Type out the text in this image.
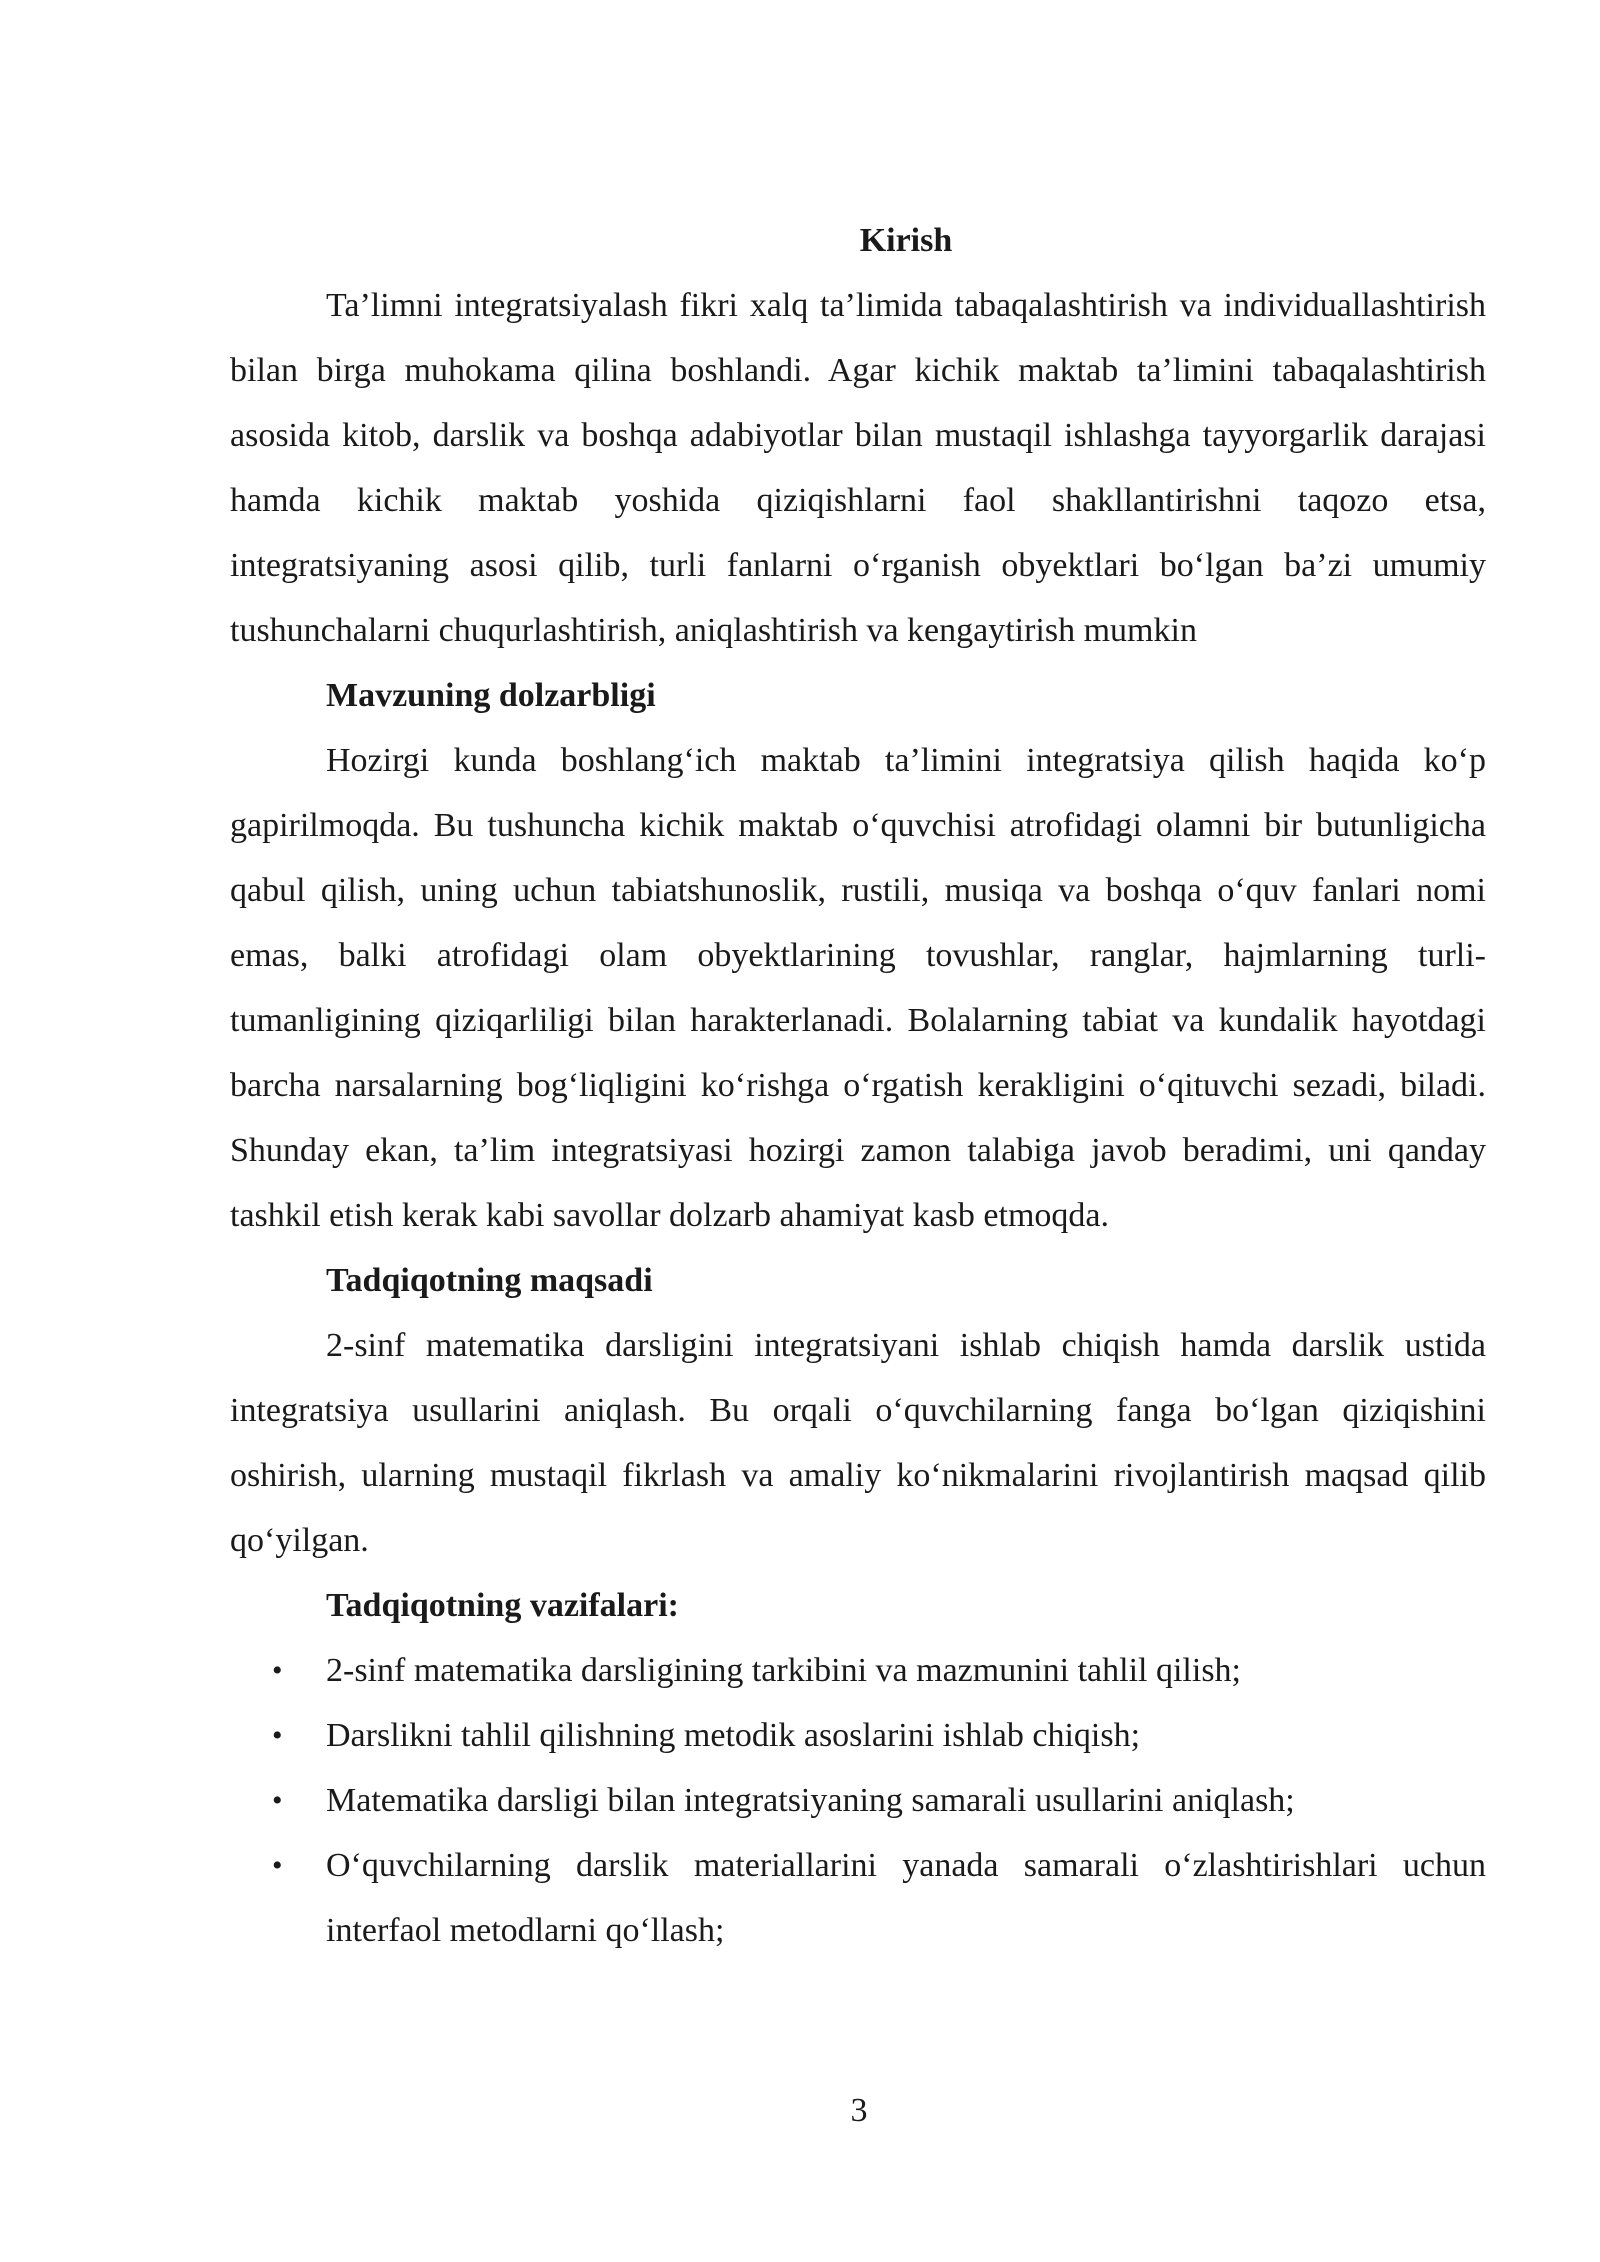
Kirish

Ta’limni integratsiyalash fikri xalq ta’limida tabaqalashtirish va individuallashtirish bilan birga muhokama qilina boshlandi. Agar kichik maktab ta’limini tabaqalashtirish asosida kitob, darslik va boshqa adabiyotlar bilan mustaqil ishlashga tayyorgarlik darajasi hamda kichik maktab yoshida qiziqishlarni faol shakllantirishni taqozo etsa, integratsiyaning asosi qilib, turli fanlarni o‘rganish obyektlari bo‘lgan ba’zi umumiy tushunchalarni chuqurlashtirish, aniqlashtirish va kengaytirish mumkin

Mavzuning dolzarbligi

Hozirgi kunda boshlang‘ich maktab ta’limini integratsiya qilish haqida ko‘p gapirilmoqda. Bu tushuncha kichik maktab o‘quvchisi atrofidagi olamni bir butunligicha qabul qilish, uning uchun tabiatshunoslik, rustili, musiqa va boshqa o‘quv fanlari nomi emas, balki atrofidagi olam obyektlarining tovushlar, ranglar, hajmlarning turli-tumanligining qiziqarliligi bilan harakterlanadi. Bolalarning tabiat va kundalik hayotdagi barcha narsalarning bog‘liqligini ko‘rishga o‘rgatish kerakligini o‘qituvchi sezadi, biladi. Shunday ekan, ta’lim integratsiyasi hozirgi zamon talabiga javob beradimi, uni qanday tashkil etish kerak kabi savollar dolzarb ahamiyat kasb etmoqda.

Tadqiqotning maqsadi

2-sinf matematika darsligini integratsiyani ishlab chiqish hamda darslik ustida integratsiya usullarini aniqlash. Bu orqali o‘quvchilarning fanga bo‘lgan qiziqishini oshirish, ularning mustaqil fikrlash va amaliy ko‘nikmalarini rivojlantirish maqsad qilib qo‘yilgan.

Tadqiqotning vazifalari:
• 2-sinf matematika darsligining tarkibini va mazmunini tahlil qilish;
• Darslikni tahlil qilishning metodik asoslarini ishlab chiqish;
• Matematika darsligi bilan integratsiyaning samarali usullarini aniqlash;
• O‘quvchilarning darslik materiallarini yanada samarali o‘zlashtirishlari uchun interfaol metodlarni qo‘llash;
3
